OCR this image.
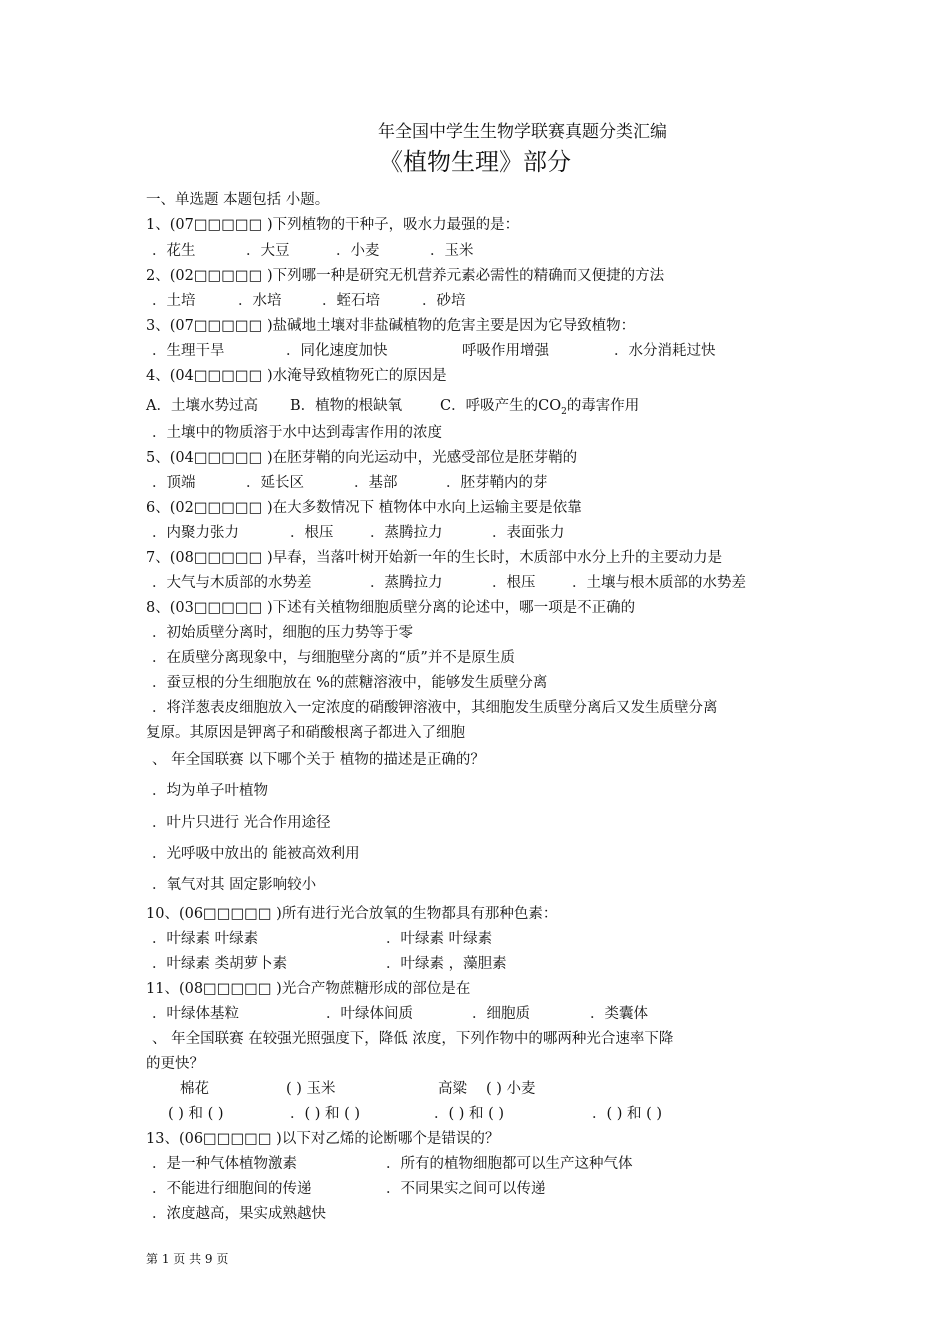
年全国中学生生物学联赛真题分类汇编
《植物生理》部分
一、单选题 本题包括 小题。
1、(07□□□□□ )下列植物的干种子，吸水力最强的是：
．花生	．大豆	．小麦	．玉米
2、(02□□□□□ )下列哪一种是研究无机营养元素必需性的精确而又便捷的方法
．土培	．水培	．蛭石培	．砂培
3、(07□□□□□ )盐碱地土壤对非盐碱植物的危害主要是因为它导致植物：
．生理干旱	．同化速度加快	呼吸作用增强	．水分消耗过快
4、(04□□□□□ )水淹导致植物死亡的原因是
A．土壤水势过高 B．植物的根缺氧	C．呼吸产生的$CO_2$的毒害作用
．土壤中的物质溶于水中达到毒害作用的浓度
5、(04□□□□□ )在胚芽鞘的向光运动中，光感受部位是胚芽鞘的
．顶端	．延长区	．基部	．胚芽鞘内的芽
6、(02□□□□□ )在大多数情况下 植物体中水向上运输主要是依靠
．内聚力张力	．根压	．蒸腾拉力	．表面张力
7、(08□□□□□ )早春，当落叶树开始新一年的生长时，木质部中水分上升的主要动力是
．大气与木质部的水势差	．蒸腾拉力	．根压	．土壤与根木质部的水势差
8、(03□□□□□ )下述有关植物细胞质壁分离的论述中，哪一项是不正确的
．初始质壁分离时，细胞的压力势等于零
．在质壁分离现象中，与细胞壁分离的“质”并不是原生质
．蚕豆根的分生细胞放在 %的蔗糖溶液中，能够发生质壁分离
．将洋葱表皮细胞放入一定浓度的硝酸钾溶液中，其细胞发生质壁分离后又发生质壁分离
复原。其原因是钾离子和硝酸根离子都进入了细胞
、 年全国联赛 以下哪个关于 植物的描述是正确的？
．均为单子叶植物
．叶片只进行 光合作用途径
．光呼吸中放出的 能被高效利用
．氧气对其 固定影响较小
10、(06□□□□□ )所有进行光合放氧的生物都具有那种色素：
．叶绿素 叶绿素	．叶绿素 叶绿素
．叶绿素 类胡萝卜素	．叶绿素 ，藻胆素
11、(08□□□□□ )光合产物蔗糖形成的部位是在
．叶绿体基粒	．叶绿体间质	．细胞质	．类囊体
、 年全国联赛 在较强光照强度下，降低 浓度，下列作物中的哪两种光合速率下降
的更快？
棉花	( ) 玉米	高粱 ( ) 小麦
( ) 和 ( )	．( ) 和 ( )	．( ) 和 ( )	．( ) 和 ( )
13、(06□□□□□ )以下对乙烯的论断哪个是错误的？
．是一种气体植物激素	．所有的植物细胞都可以生产这种气体
．不能进行细胞间的传递	．不同果实之间可以传递
．浓度越高，果实成熟越快
第 1 页 共 9 页
